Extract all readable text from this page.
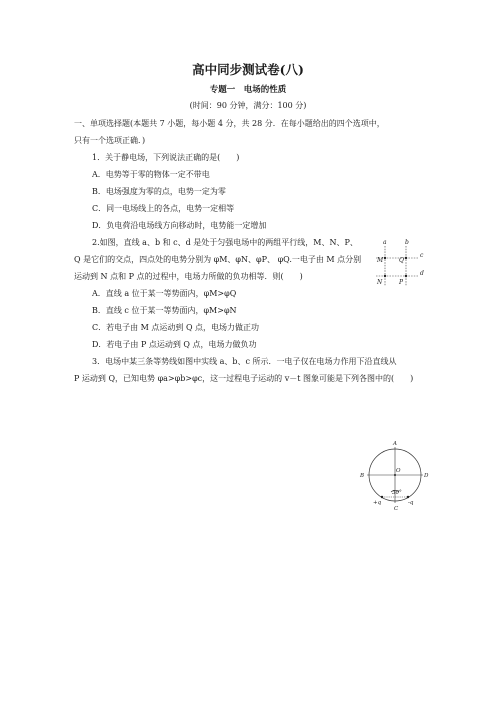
高中同步测试卷(八)
专题一　电场的性质
(时间：90 分钟，满分：100 分)
一、单项选择题(本题共 7 小题，每小题 4 分，共 28 分．在每小题给出的四个选项中，
只有一个选项正确．)
1．关于静电场，下列说法正确的是(　　)
A．电势等于零的物体一定不带电
B．电场强度为零的点，电势一定为零
C．同一电场线上的各点，电势一定相等
D．负电荷沿电场线方向移动时，电势能一定增加
2.如图，直线 a、b 和 c、d 是处于匀强电场中的两组平行线，M、N、P、
Q 是它们的交点，四点处的电势分别为 φM、φN、φP、 φQ.一电子由 M 点分别
运动到 N 点和 P 点的过程中，电场力所做的负功相等．则(　　)
A．直线 a 位于某一等势面内，φM>φQ
B．直线 c 位于某一等势面内，φM>φN
C．若电子由 M 点运动到 Q 点，电场力做正功
D．若电子由 P 点运动到 Q 点，电场力做负功
3．电场中某三条等势线如图中实线 a、b、c 所示．一电子仅在电场力作用下沿直线从
P 运动到 Q，已知电势 φa>φb>φc，这一过程电子运动的 v－t 图象可能是下列各图中的(　　)
a	b
c
d
M
N
Q
P
A
B
O
D
C
+q	-q
30°
